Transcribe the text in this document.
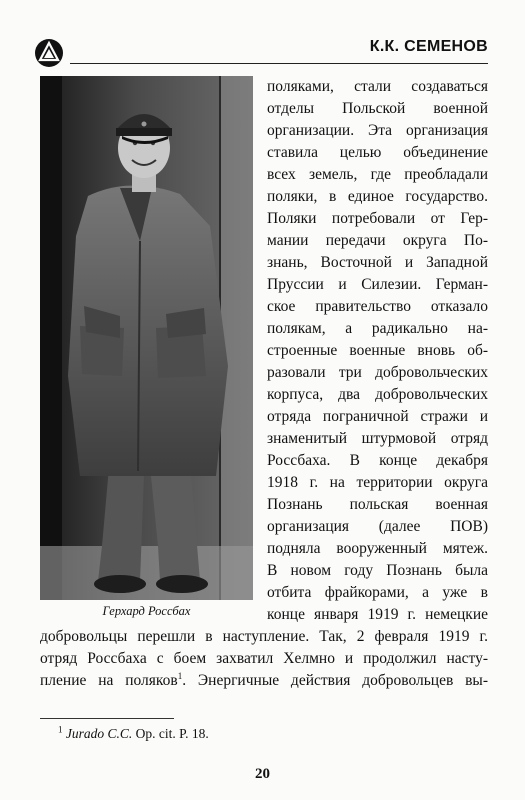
К.К. СЕМЕНОВ
Герхард Россбах
поляками, стали создаваться
отделы Польской военной
организации. Эта организация
ставила целью объединение
всех земель, где преобладали
поляки, в единое государство.
Поляки потребовали от Гер-
мании передачи округа По-
знань, Восточной и Западной
Пруссии и Силезии. Герман-
ское правительство отказало
полякам, а радикально на-
строенные военные вновь об-
разовали три добровольческих
корпуса, два добровольческих
отряда пограничной стражи и
знаменитый штурмовой отряд
Россбаха. В конце декабря
1918 г. на территории округа
Познань польская военная
организация (далее ПОВ)
подняла вооруженный мятеж.
В новом году Познань была
отбита фрайкорами, а уже в
конце января 1919 г. немецкие
добровольцы перешли в наступление. Так, 2 февраля 1919 г.
отряд Россбаха с боем захватил Хелмно и продолжил насту-
пление на поляков$^1$. Энергичные действия добровольцев вы-
$^1$ Jurado C.C. Op. cit. P. 18.
20
